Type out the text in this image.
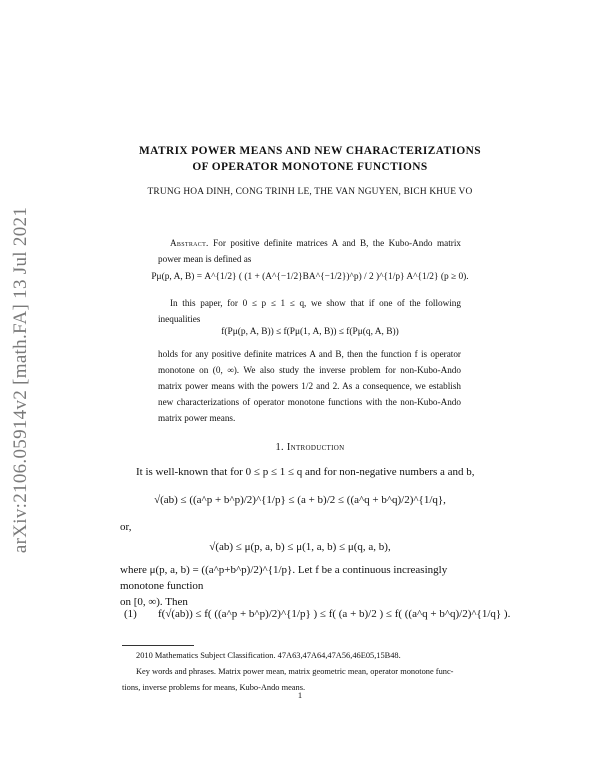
arXiv:2106.05914v2 [math.FA] 13 Jul 2021
MATRIX POWER MEANS AND NEW CHARACTERIZATIONS
OF OPERATOR MONOTONE FUNCTIONS
TRUNG HOA DINH, CONG TRINH LE, THE VAN NGUYEN, BICH KHUE VO
Abstract. For positive definite matrices A and B, the Kubo-Ando matrix power mean is defined as
Pμ(p, A, B) = A^{1/2} ( (1 + (A^{−1/2}BA^{−1/2})^p) / 2 )^{1/p} A^{1/2} (p ≥ 0).
In this paper, for 0 ≤ p ≤ 1 ≤ q, we show that if one of the following inequalities
f(Pμ(p, A, B)) ≤ f(Pμ(1, A, B)) ≤ f(Pμ(q, A, B))
holds for any positive definite matrices A and B, then the function f is operator monotone on (0, ∞). We also study the inverse problem for non-Kubo-Ando matrix power means with the powers 1/2 and 2. As a consequence, we establish new characterizations of operator monotone functions with the non-Kubo-Ando matrix power means.
1. Introduction
It is well-known that for 0 ≤ p ≤ 1 ≤ q and for non-negative numbers a and b,
√(ab) ≤ ((a^p + b^p)/2)^{1/p} ≤ (a + b)/2 ≤ ((a^q + b^q)/2)^{1/q},
or,
√(ab) ≤ μ(p, a, b) ≤ μ(1, a, b) ≤ μ(q, a, b),
where μ(p, a, b) = ((a^p+b^p)/2)^{1/p}. Let f be a continuous increasingly monotone function
on [0, ∞). Then
(1) f(√(ab)) ≤ f( ((a^p + b^p)/2)^{1/p} ) ≤ f( (a + b)/2 ) ≤ f( ((a^q + b^q)/2)^{1/q} ).
2010 Mathematics Subject Classification. 47A63,47A64,47A56,46E05,15B48.
Key words and phrases. Matrix power mean, matrix geometric mean, operator monotone func-
tions, inverse problems for means, Kubo-Ando means.
1
